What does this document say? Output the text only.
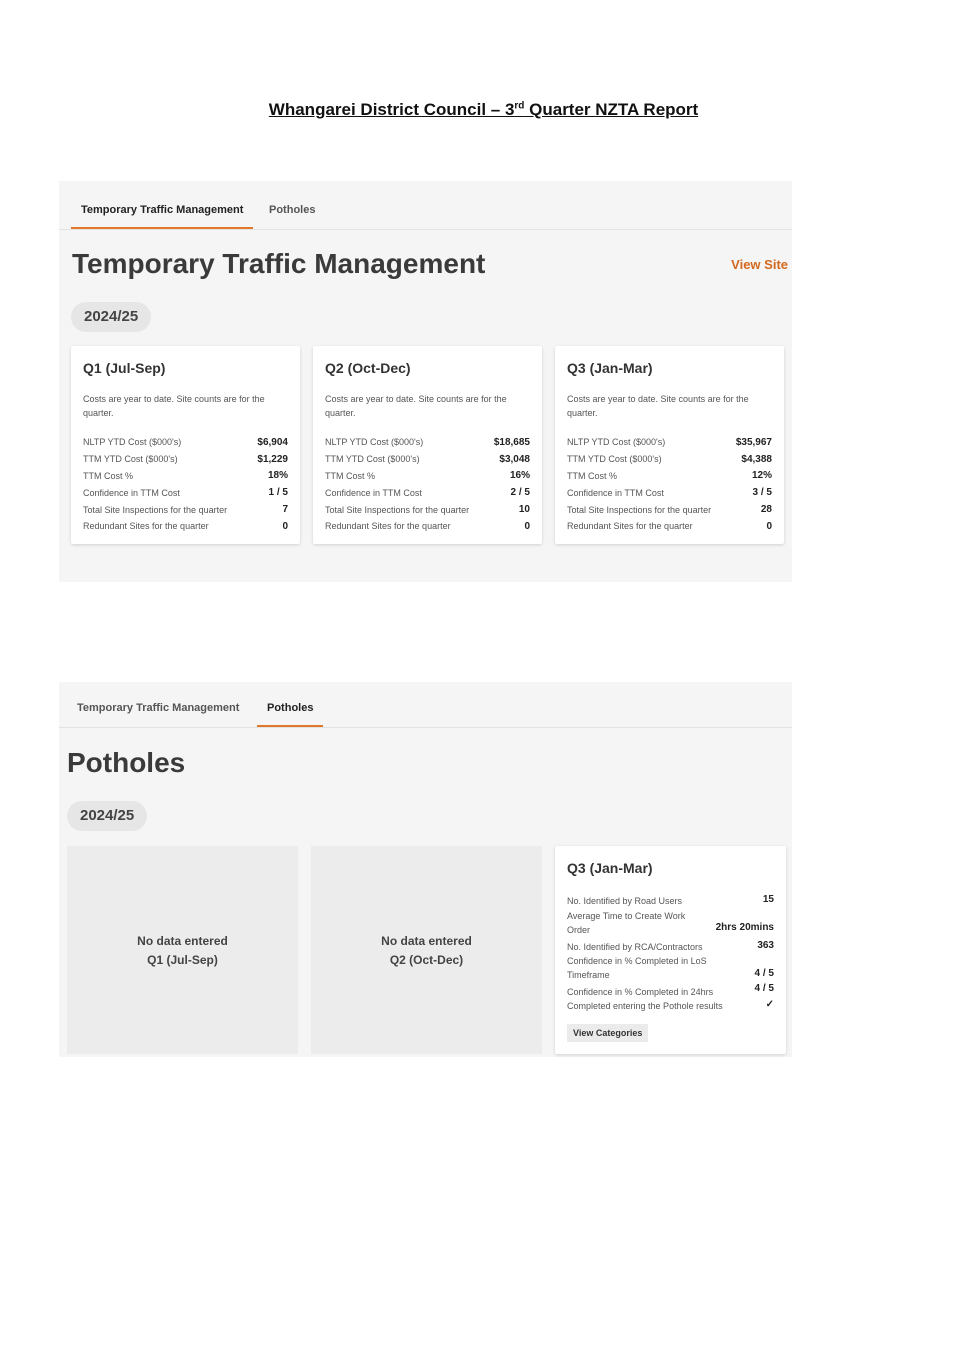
Whangarei District Council – 3rd Quarter NZTA Report
Temporary Traffic Management	Potholes
Temporary Traffic Management	View Site
2024/25
Q1 (Jul-Sep)
Costs are year to date. Site counts are for the quarter.
NLTP YTD Cost ($000's)	$6,904
TTM YTD Cost ($000's)	$1,229
TTM Cost %	18%
Confidence in TTM Cost	1 / 5
Total Site Inspections for the quarter	7
Redundant Sites for the quarter	0
Q2 (Oct-Dec)
Costs are year to date. Site counts are for the quarter.
NLTP YTD Cost ($000's)	$18,685
TTM YTD Cost ($000's)	$3,048
TTM Cost %	16%
Confidence in TTM Cost	2 / 5
Total Site Inspections for the quarter	10
Redundant Sites for the quarter	0
Q3 (Jan-Mar)
Costs are year to date. Site counts are for the quarter.
NLTP YTD Cost ($000's)	$35,967
TTM YTD Cost ($000's)	$4,388
TTM Cost %	12%
Confidence in TTM Cost	3 / 5
Total Site Inspections for the quarter	28
Redundant Sites for the quarter	0
Temporary Traffic Management	Potholes
Potholes
2024/25
No data entered
Q1 (Jul-Sep)
No data entered
Q2 (Oct-Dec)
Q3 (Jan-Mar)
No. Identified by Road Users	15
Average Time to Create Work Order	2hrs 20mins
No. Identified by RCA/Contractors	363
Confidence in % Completed in LoS Timeframe	4 / 5
Confidence in % Completed in 24hrs	4 / 5
Completed entering the Pothole results	✓
View Categories
